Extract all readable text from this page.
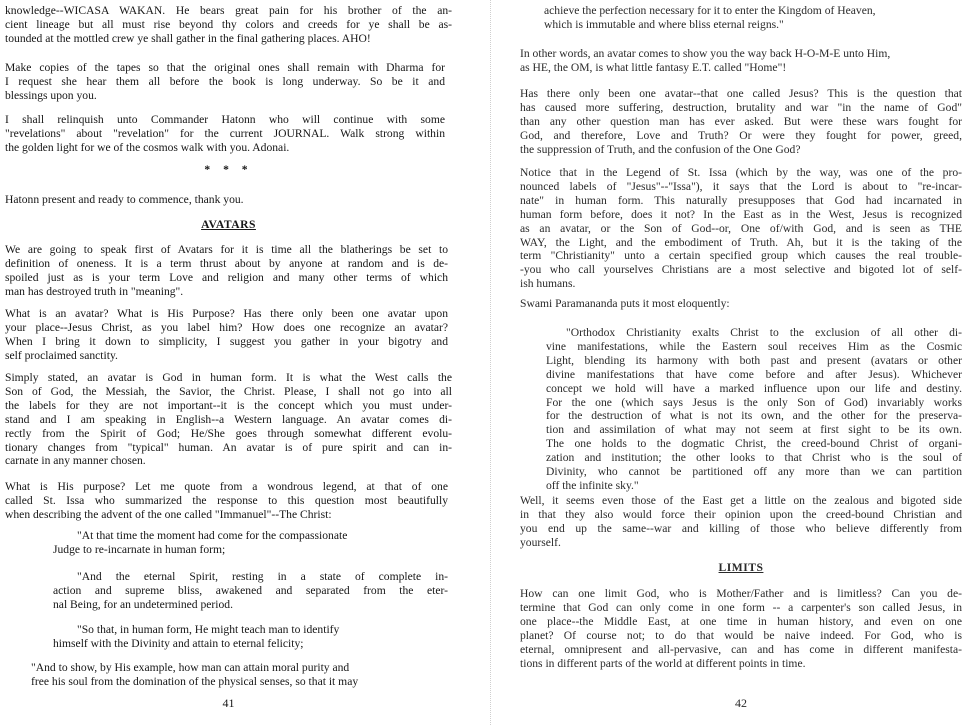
knowledge--WICASA WAKAN. He bears great pain for his brother of the an-
cient lineage but all must rise beyond thy colors and creeds for ye shall be as-
tounded at the mottled crew ye shall gather in the final gathering places. AHO!
Make copies of the tapes so that the original ones shall remain with Dharma for
I request she hear them all before the book is long underway. So be it and
blessings upon you.
I shall relinquish unto Commander Hatonn who will continue with some
"revelations" about "revelation" for the current JOURNAL. Walk strong within
the golden light for we of the cosmos walk with you. Adonai.
* * *
Hatonn present and ready to commence, thank you.
AVATARS
We are going to speak first of Avatars for it is time all the blatherings be set to
definition of oneness. It is a term thrust about by anyone at random and is de-
spoiled just as is your term Love and religion and many other terms of which
man has destroyed truth in "meaning".
What is an avatar? What is His Purpose? Has there only been one avatar upon
your place--Jesus Christ, as you label him? How does one recognize an avatar?
When I bring it down to simplicity, I suggest you gather in your bigotry and
self proclaimed sanctity.
Simply stated, an avatar is God in human form. It is what the West calls the
Son of God, the Messiah, the Savior, the Christ. Please, I shall not go into all
the labels for they are not important--it is the concept which you must under-
stand and I am speaking in English--a Western language. An avatar comes di-
rectly from the Spirit of God; He/She goes through somewhat different evolu-
tionary changes from "typical" human. An avatar is of pure spirit and can in-
carnate in any manner chosen.
What is His purpose? Let me quote from a wondrous legend, at that of one
called St. Issa who summarized the response to this question most beautifully
when describing the advent of the one called "Immanuel"--The Christ:
"At that time the moment had come for the compassionate
Judge to re-incarnate in human form;
"And the eternal Spirit, resting in a state of complete in-
action and supreme bliss, awakened and separated from the eter-
nal Being, for an undetermined period.
"So that, in human form, He might teach man to identify
himself with the Divinity and attain to eternal felicity;
"And to show, by His example, how man can attain moral purity and
free his soul from the domination of the physical senses, so that it may
41
achieve the perfection necessary for it to enter the Kingdom of Heaven,
which is immutable and where bliss eternal reigns."
In other words, an avatar comes to show you the way back H-O-M-E unto Him,
as HE, the OM, is what little fantasy E.T. called "Home"!
Has there only been one avatar--that one called Jesus? This is the question that
has caused more suffering, destruction, brutality and war "in the name of God"
than any other question man has ever asked. But were these wars fought for
God, and therefore, Love and Truth? Or were they fought for power, greed,
the suppression of Truth, and the confusion of the One God?
Notice that in the Legend of St. Issa (which by the way, was one of the pro-
nounced labels of "Jesus"--"Issa"), it says that the Lord is about to "re-incar-
nate" in human form. This naturally presupposes that God had incarnated in
human form before, does it not? In the East as in the West, Jesus is recognized
as an avatar, or the Son of God--or, One of/with God, and is seen as THE
WAY, the Light, and the embodiment of Truth. Ah, but it is the taking of the
term "Christianity" unto a certain specified group which causes the real trouble-
-you who call yourselves Christians are a most selective and bigoted lot of self-
ish humans.
Swami Paramananda puts it most eloquently:
"Orthodox Christianity exalts Christ to the exclusion of all other di-
vine manifestations, while the Eastern soul receives Him as the Cosmic
Light, blending its harmony with both past and present (avatars or other
divine manifestations that have come before and after Jesus). Whichever
concept we hold will have a marked influence upon our life and destiny.
For the one (which says Jesus is the only Son of God) invariably works
for the destruction of what is not its own, and the other for the preserva-
tion and assimilation of what may not seem at first sight to be its own.
The one holds to the dogmatic Christ, the creed-bound Christ of organi-
zation and institution; the other looks to that Christ who is the soul of
Divinity, who cannot be partitioned off any more than we can partition
off the infinite sky."
Well, it seems even those of the East get a little on the zealous and bigoted side
in that they also would force their opinion upon the creed-bound Christian and
you end up the same--war and killing of those who believe differently from
yourself.
LIMITS
How can one limit God, who is Mother/Father and is limitless? Can you de-
termine that God can only come in one form -- a carpenter's son called Jesus, in
one place--the Middle East, at one time in human history, and even on one
planet? Of course not; to do that would be naive indeed. For God, who is
eternal, omnipresent and all-pervasive, can and has come in different manifesta-
tions in different parts of the world at different points in time.
42
